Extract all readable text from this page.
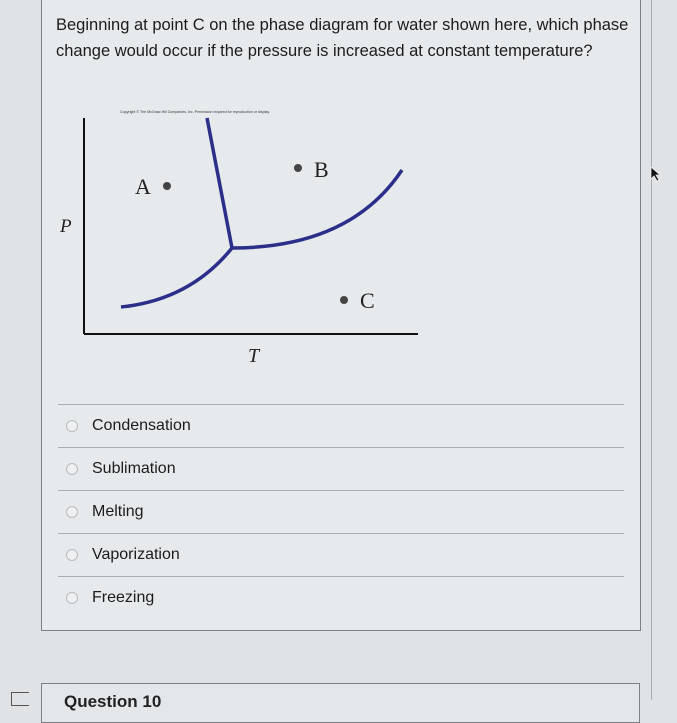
Beginning at point C on the phase diagram for water shown here, which phase change would occur if the pressure is increased at constant temperature?
Copyright © The McGraw-Hill Companies, Inc. Permission required for reproduction or display.
A
B
C
P
T
Condensation
Sublimation
Melting
Vaporization
Freezing
Question 10
